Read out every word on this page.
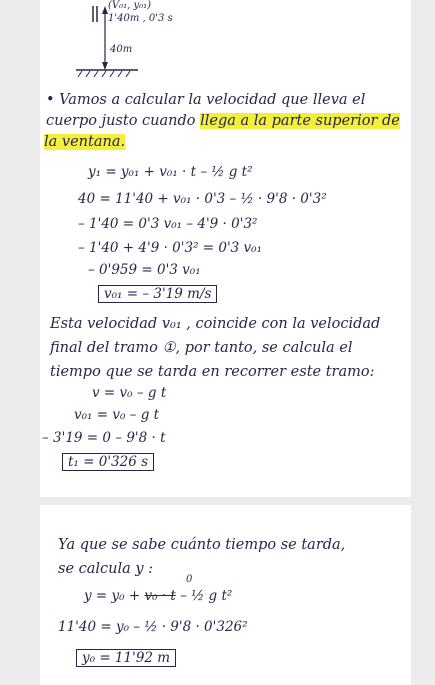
(V₀₁, y₀₁)
1'40m , 0'3 s
40m
• Vamos a calcular la velocidad que lleva el
cuerpo justo cuando llega a la parte superior de
la ventana.
y₁ = y₀₁ + v₀₁ · t – ½ g t²
40 = 11'40 + v₀₁ · 0'3 – ½ · 9'8 · 0'3²
– 1'40 = 0'3 v₀₁ – 4'9 · 0'3²
– 1'40 + 4'9 · 0'3² = 0'3 v₀₁
– 0'959 = 0'3 v₀₁
v₀₁ = – 3'19 m/s
Esta velocidad v₀₁ , coincide con la velocidad
final del tramo ①, por tanto, se calcula el
tiempo que se tarda en recorrer este tramo:
v = v₀ – g t
v₀₁ = v₀ – g t
– 3'19 = 0 – 9'8 · t
t₁ = 0'326 s
Ya que se sabe cuánto tiempo se tarda,
se calcula y :
y = y₀ + v₀ · t – ½ g t²
0
11'40 = y₀ – ½ · 9'8 · 0'326²
y₀ = 11'92 m
